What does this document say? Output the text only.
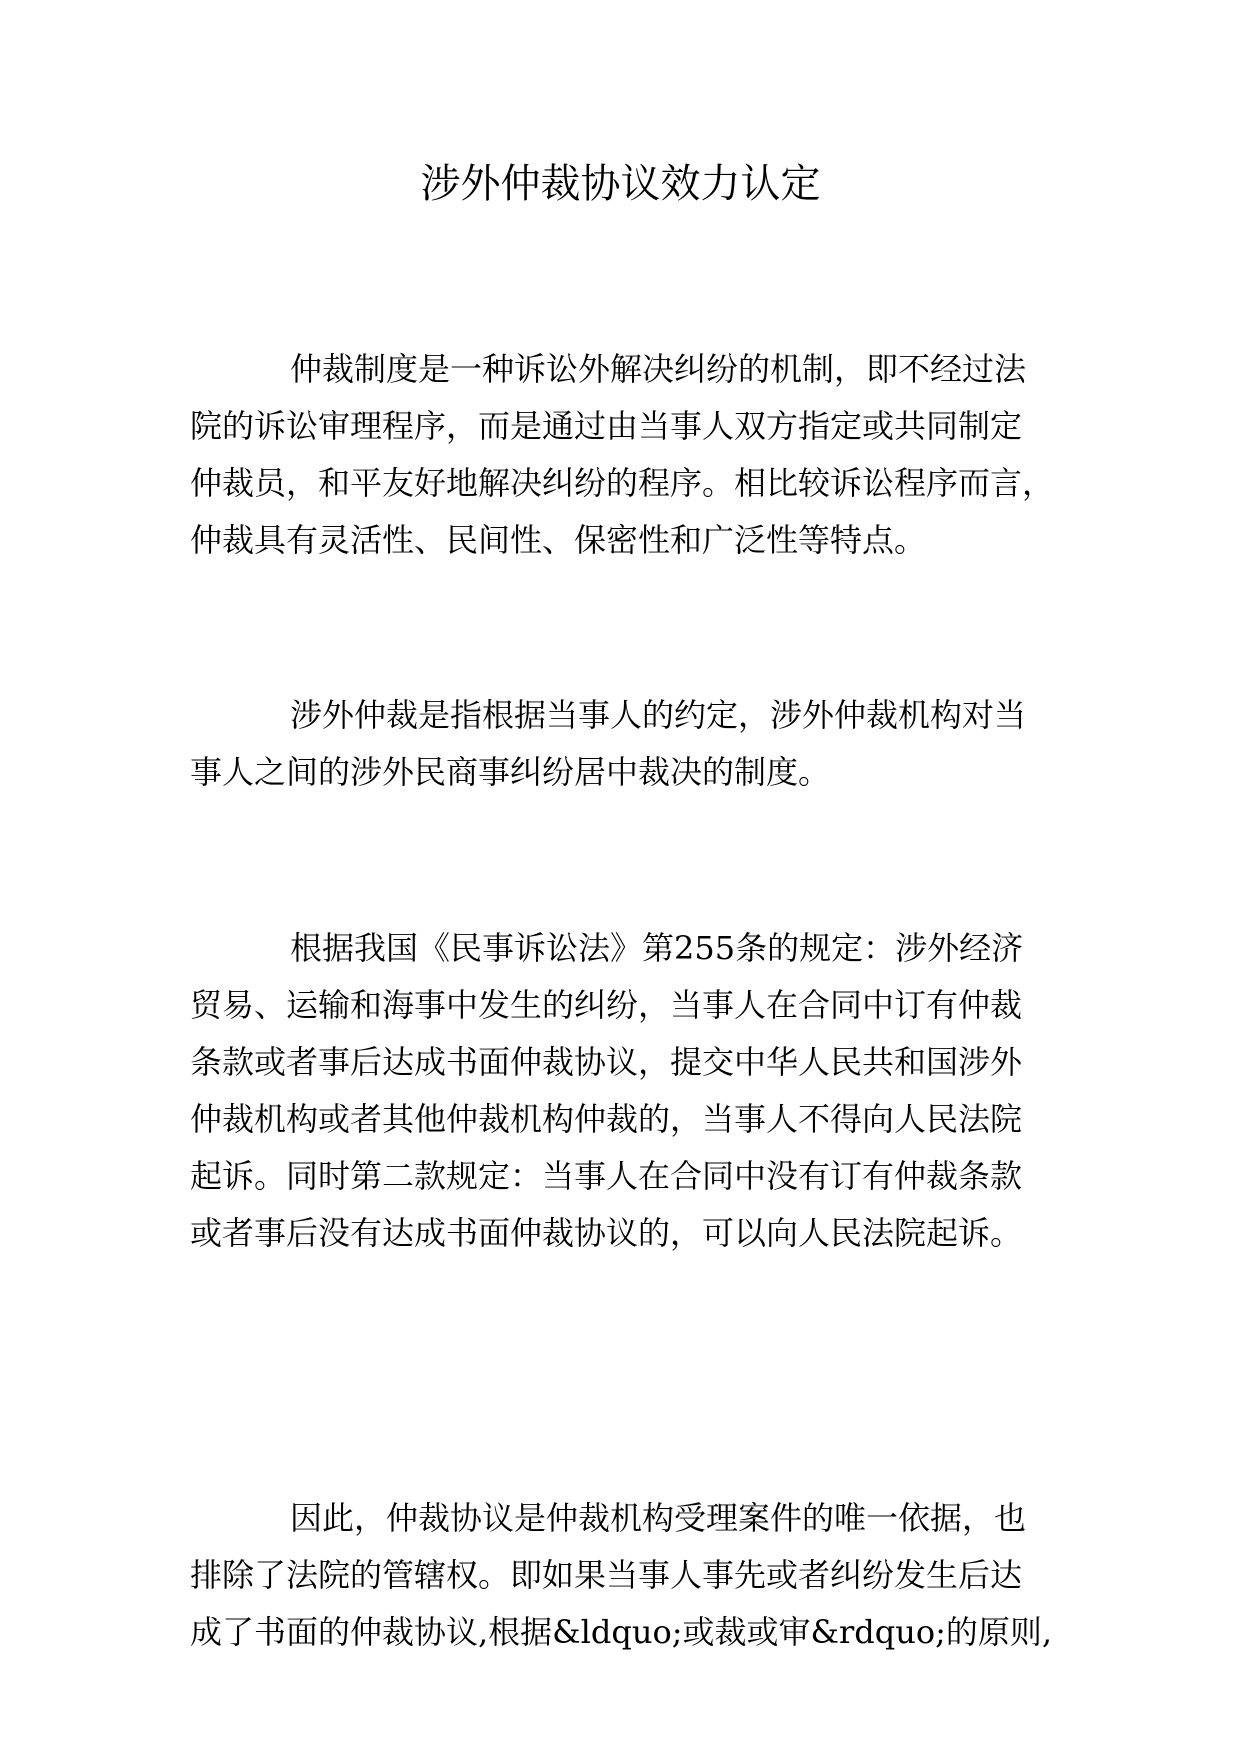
涉外仲裁协议效力认定
仲裁制度是一种诉讼外解决纠纷的机制，即不经过法
院的诉讼审理程序，而是通过由当事人双方指定或共同制定
仲裁员，和平友好地解决纠纷的程序。相比较诉讼程序而言，
仲裁具有灵活性、民间性、保密性和广泛性等特点。
涉外仲裁是指根据当事人的约定，涉外仲裁机构对当
事人之间的涉外民商事纠纷居中裁决的制度。
根据我国《民事诉讼法》第255条的规定：涉外经济
贸易、运输和海事中发生的纠纷，当事人在合同中订有仲裁
条款或者事后达成书面仲裁协议，提交中华人民共和国涉外
仲裁机构或者其他仲裁机构仲裁的，当事人不得向人民法院
起诉。同时第二款规定：当事人在合同中没有订有仲裁条款
或者事后没有达成书面仲裁协议的，可以向人民法院起诉。
因此，仲裁协议是仲裁机构受理案件的唯一依据，也
排除了法院的管辖权。即如果当事人事先或者纠纷发生后达
成了书面的仲裁协议,根据&ldquo;或裁或审&rdquo;的原则,
